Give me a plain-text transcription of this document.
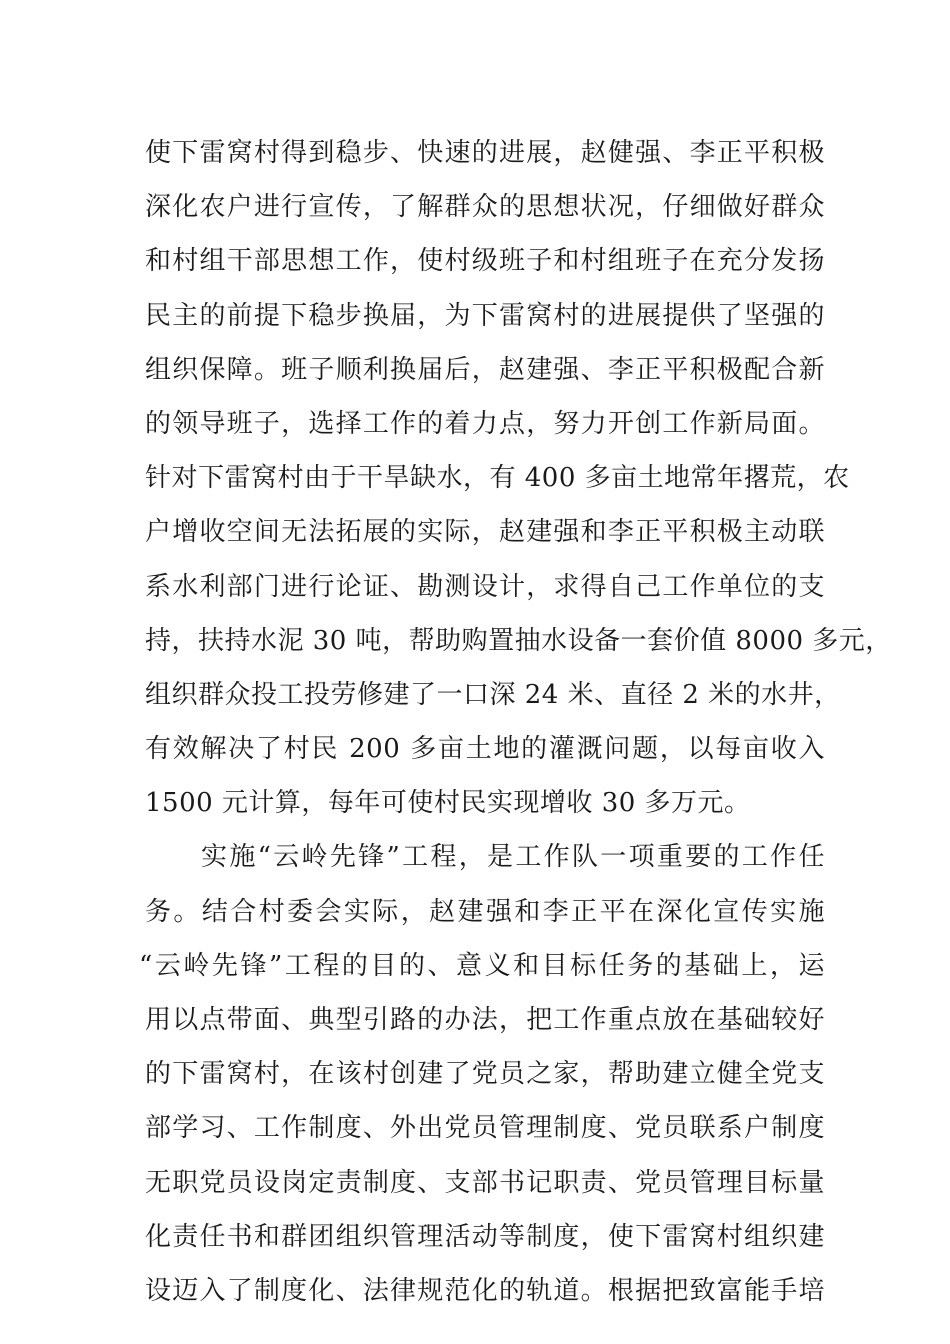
使下雷窝村得到稳步、快速的进展，赵健强、李正平积极
深化农户进行宣传，了解群众的思想状况，仔细做好群众
和村组干部思想工作，使村级班子和村组班子在充分发扬
民主的前提下稳步换届，为下雷窝村的进展提供了坚强的
组织保障。班子顺利换届后，赵建强、李正平积极配合新
的领导班子，选择工作的着力点，努力开创工作新局面。
针对下雷窝村由于干旱缺水，有 400 多亩土地常年撂荒，农
户增收空间无法拓展的实际，赵建强和李正平积极主动联
系水利部门进行论证、勘测设计，求得自己工作单位的支
持，扶持水泥 30 吨，帮助购置抽水设备一套价值 8000 多元，
组织群众投工投劳修建了一口深 24 米、直径 2 米的水井，
有效解决了村民 200 多亩土地的灌溉问题，以每亩收入
1500 元计算，每年可使村民实现增收 30 多万元。
实施“云岭先锋”工程，是工作队一项重要的工作任
务。结合村委会实际，赵建强和李正平在深化宣传实施
“云岭先锋”工程的目的、意义和目标任务的基础上，运
用以点带面、典型引路的办法，把工作重点放在基础较好
的下雷窝村，在该村创建了党员之家，帮助建立健全党支
部学习、工作制度、外出党员管理制度、党员联系户制度
无职党员设岗定责制度、支部书记职责、党员管理目标量
化责任书和群团组织管理活动等制度，使下雷窝村组织建
设迈入了制度化、法律规范化的轨道。根据把致富能手培
